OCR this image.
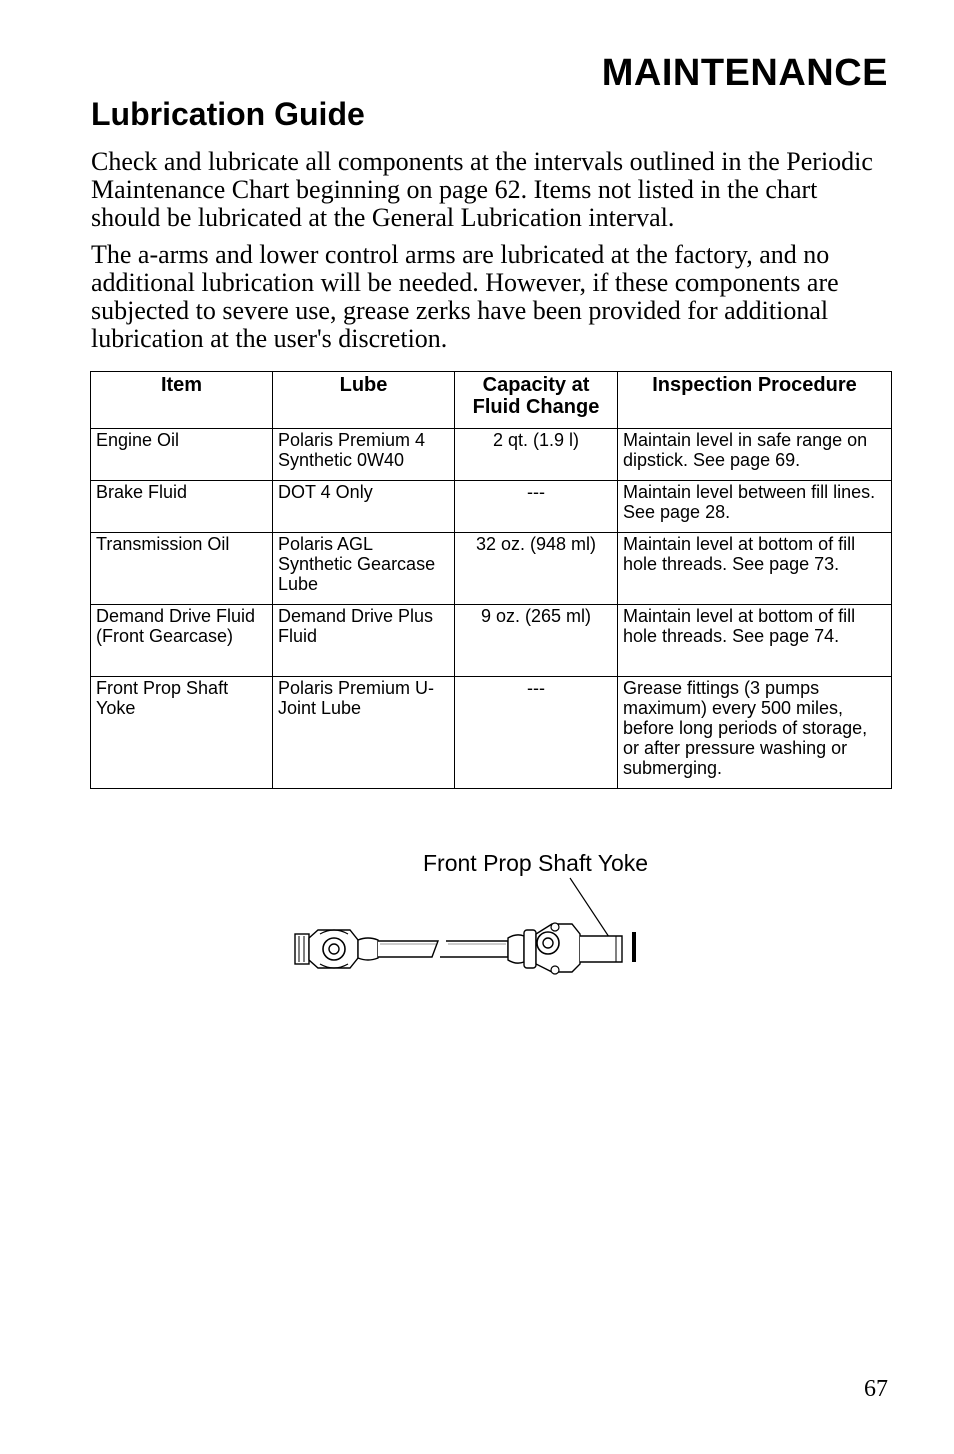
MAINTENANCE
Lubrication Guide

Check and lubricate all components at the intervals outlined in the Periodic Maintenance Chart beginning on page 62. Items not listed in the chart should be lubricated at the General Lubrication interval.

The a-arms and lower control arms are lubricated at the factory, and no additional lubrication will be needed. However, if these components are subjected to severe use, grease zerks have been provided for additional lubrication at the user's discretion.

Item	Lube	Capacity at Fluid Change	Inspection Procedure
Engine Oil	Polaris Premium 4 Synthetic 0W40	2 qt. (1.9 l)	Maintain level in safe range on dipstick. See page 69.
Brake Fluid	DOT 4 Only	---	Maintain level between fill lines. See page 28.
Transmission Oil	Polaris AGL Synthetic Gearcase Lube	32 oz. (948 ml)	Maintain level at bottom of fill hole threads. See page 73.
Demand Drive Fluid (Front Gearcase)	Demand Drive Plus Fluid	9 oz. (265 ml)	Maintain level at bottom of fill hole threads. See page 74.
Front Prop Shaft Yoke	Polaris Premium U-Joint Lube	---	Grease fittings (3 pumps maximum) every 500 miles, before long periods of storage, or after pressure washing or submerging.
Front Prop Shaft Yoke
67
